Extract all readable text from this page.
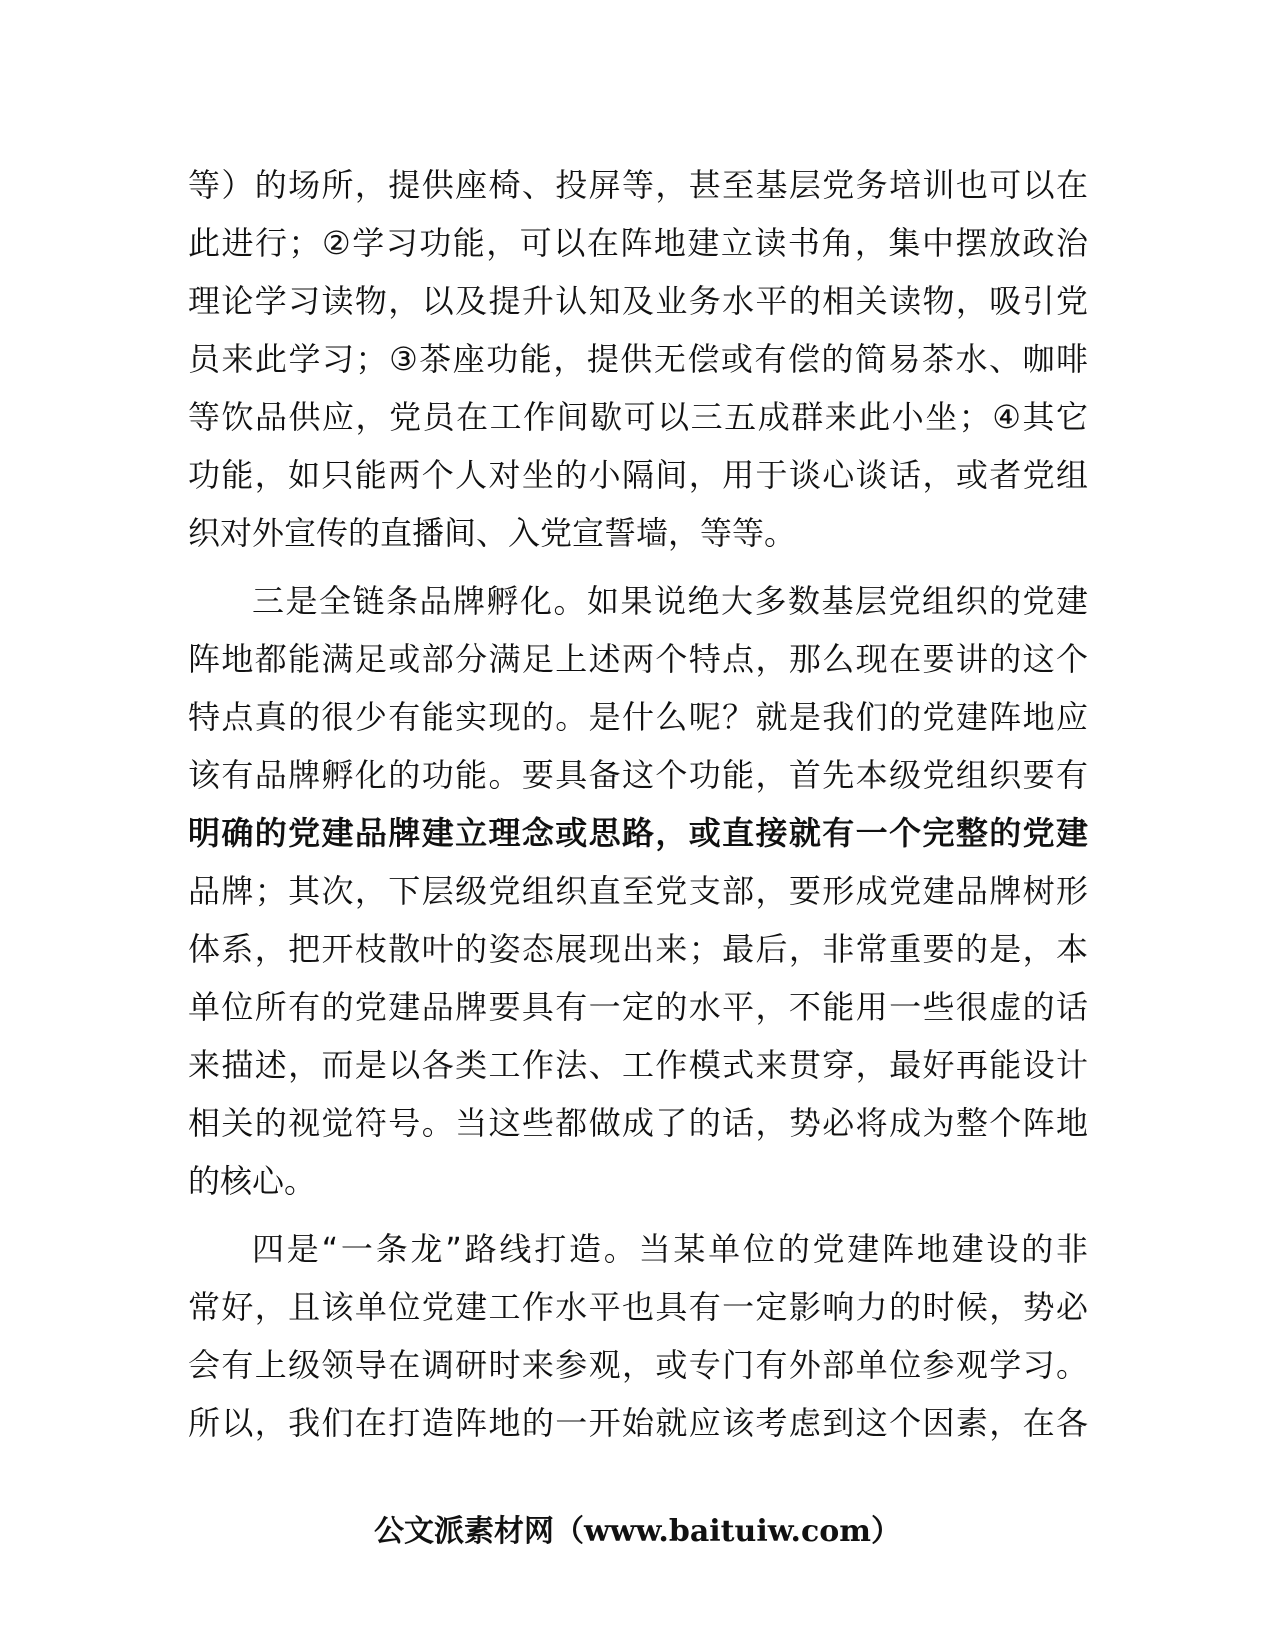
等）的场所，提供座椅、投屏等，甚至基层党务培训也可以在
此进行；②学习功能，可以在阵地建立读书角，集中摆放政治
理论学习读物，以及提升认知及业务水平的相关读物，吸引党
员来此学习；③茶座功能，提供无偿或有偿的简易茶水、咖啡
等饮品供应，党员在工作间歇可以三五成群来此小坐；④其它
功能，如只能两个人对坐的小隔间，用于谈心谈话，或者党组
织对外宣传的直播间、入党宣誓墙，等等。
三是全链条品牌孵化。如果说绝大多数基层党组织的党建
阵地都能满足或部分满足上述两个特点，那么现在要讲的这个
特点真的很少有能实现的。是什么呢？就是我们的党建阵地应
该有品牌孵化的功能。要具备这个功能，首先本级党组织要有
明确的党建品牌建立理念或思路，或直接就有一个完整的党建
品牌；其次，下层级党组织直至党支部，要形成党建品牌树形
体系，把开枝散叶的姿态展现出来；最后，非常重要的是，本
单位所有的党建品牌要具有一定的水平，不能用一些很虚的话
来描述，而是以各类工作法、工作模式来贯穿，最好再能设计
相关的视觉符号。当这些都做成了的话，势必将成为整个阵地
的核心。
四是“一条龙”路线打造。当某单位的党建阵地建设的非
常好，且该单位党建工作水平也具有一定影响力的时候，势必
会有上级领导在调研时来参观，或专门有外部单位参观学习。
所以，我们在打造阵地的一开始就应该考虑到这个因素，在各
公文派素材网（www.baituiw.com）
